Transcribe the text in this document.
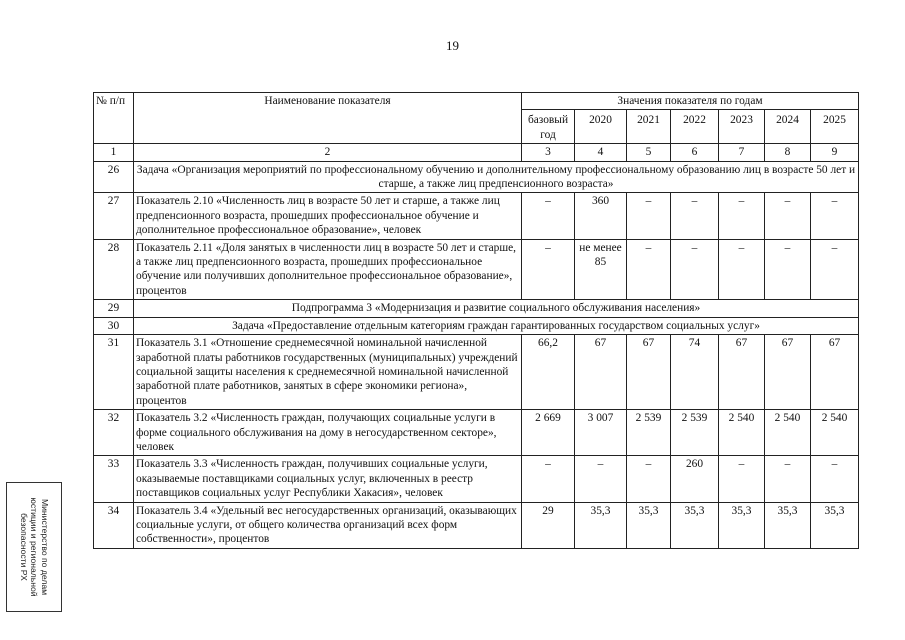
19
№ п/п	Наименование показателя	Значения показателя по годам						
		базовый год	2020	2021	2022	2023	2024	2025
1	2	3	4	5	6	7	8	9
26	Задача «Организация мероприятий по профессиональному обучению и дополнительному профессиональному образованию лиц в возрасте 50 лет и старше, а также лиц предпенсионного возраста»							
27	Показатель 2.10 «Численность лиц в возрасте 50 лет и старше, а также лиц предпенсионного возраста, прошедших профессиональное обучение и дополнительное профессиональное образование», человек	–	360	–	–	–	–	–
28	Показатель 2.11 «Доля занятых в численности лиц в возрасте 50 лет и старше, а также лиц предпенсионного возраста, прошедших профессиональное обучение или получивших дополнительное профессиональное образование», процентов	–	не менее 85	–	–	–	–	–
29	Подпрограмма 3 «Модернизация и развитие социального обслуживания населения»							
30	Задача «Предоставление отдельным категориям граждан гарантированных государством социальных услуг»							
31	Показатель 3.1 «Отношение среднемесячной номинальной начисленной заработной платы работников государственных (муниципальных) учреждений социальной защиты населения к среднемесячной номинальной начисленной заработной плате работников, занятых в сфере экономики региона», процентов	66,2	67	67	74	67	67	67
32	Показатель 3.2 «Численность граждан, получающих социальные услуги в форме социального обслуживания на дому в негосударственном секторе», человек	2 669	3 007	2 539	2 539	2 540	2 540	2 540
33	Показатель 3.3 «Численность граждан, получивших социальные услуги, оказываемые поставщиками социальных услуг, включенных в реестр поставщиков социальных услуг Республики Хакасия», человек	–	–	–	260	–	–	–
34	Показатель 3.4 «Удельный вес негосударственных организаций, оказывающих социальные услуги, от общего количества организаций всех форм собственности», процентов	29	35,3	35,3	35,3	35,3	35,3	35,3
Министерство по делам
юстиции и региональной
безопасности РХ
